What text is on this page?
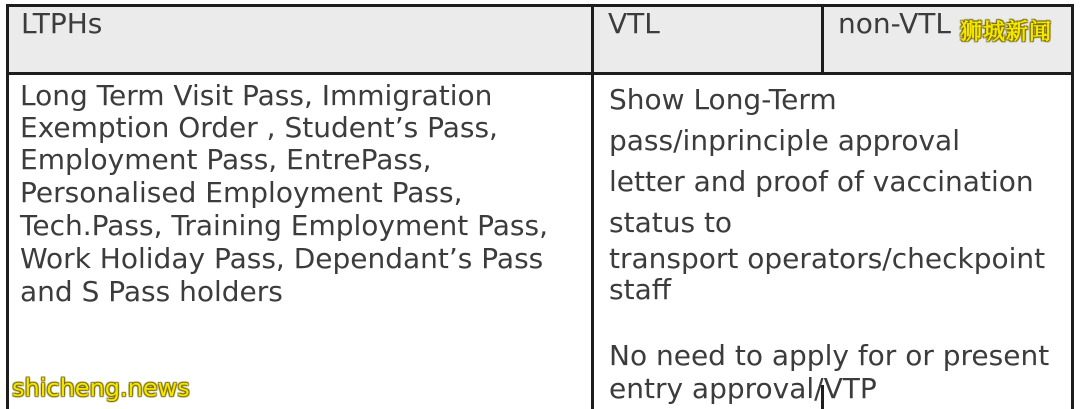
LTPHs	VTL	non-VTL
Long Term Visit Pass, Immigration
Exemption Order , Student’s Pass,
Employment Pass, EntrePass,
Personalised Employment Pass,
Tech.Pass, Training Employment Pass,
Work Holiday Pass, Dependant’s Pass
and S Pass holders
Show Long-Term
pass/inprinciple approval
letter and proof of vaccination
status to
transport operators/checkpoint
staff
No need to apply for or present
entry approval/VTP
狮城新闻
shicheng.news
